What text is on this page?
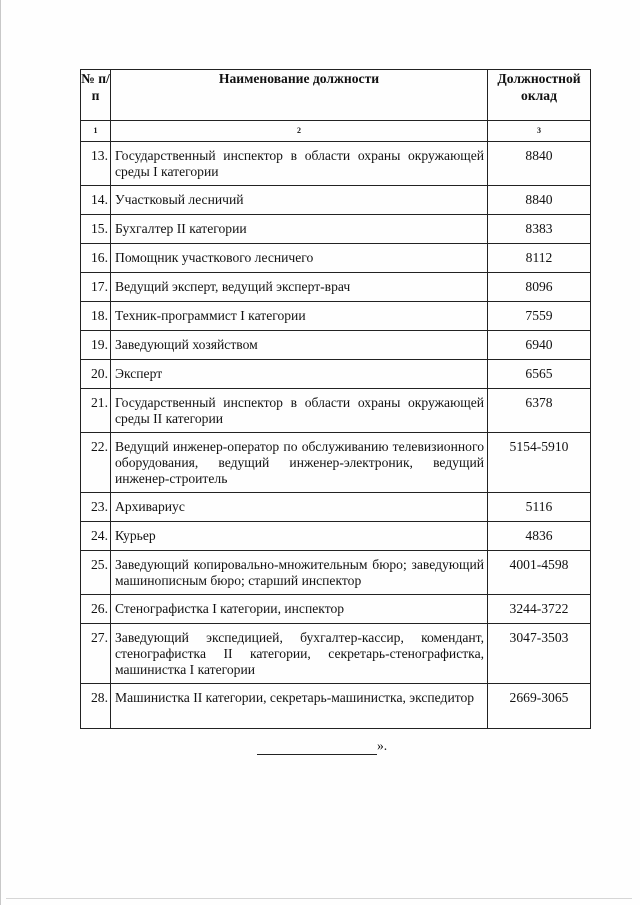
№ п/п	Наименование должности	Должностной оклад
1	2	3
13.	Государственный инспектор в области охраны окружающей среды I категории	8840
14.	Участковый лесничий	8840
15.	Бухгалтер II категории	8383
16.	Помощник участкового лесничего	8112
17.	Ведущий эксперт, ведущий эксперт-врач	8096
18.	Техник-программист I категории	7559
19.	Заведующий хозяйством	6940
20.	Эксперт	6565
21.	Государственный инспектор в области охраны окружающей среды II категории	6378
22.	Ведущий инженер-оператор по обслуживанию телевизионного оборудования, ведущий инженер-электроник, ведущий инженер-строитель	5154-5910
23.	Архивариус	5116
24.	Курьер	4836
25.	Заведующий копировально-множительным бюро; заведующий машинописным бюро; старший инспектор	4001-4598
26.	Стенографистка I категории, инспектор	3244-3722
27.	Заведующий экспедицией, бухгалтер-кассир, комендант, стенографистка II категории, секретарь-стенографистка, машинистка I категории	3047-3503
28.	Машинистка II категории, секретарь-машинистка, экспедитор	2669-3065
».
